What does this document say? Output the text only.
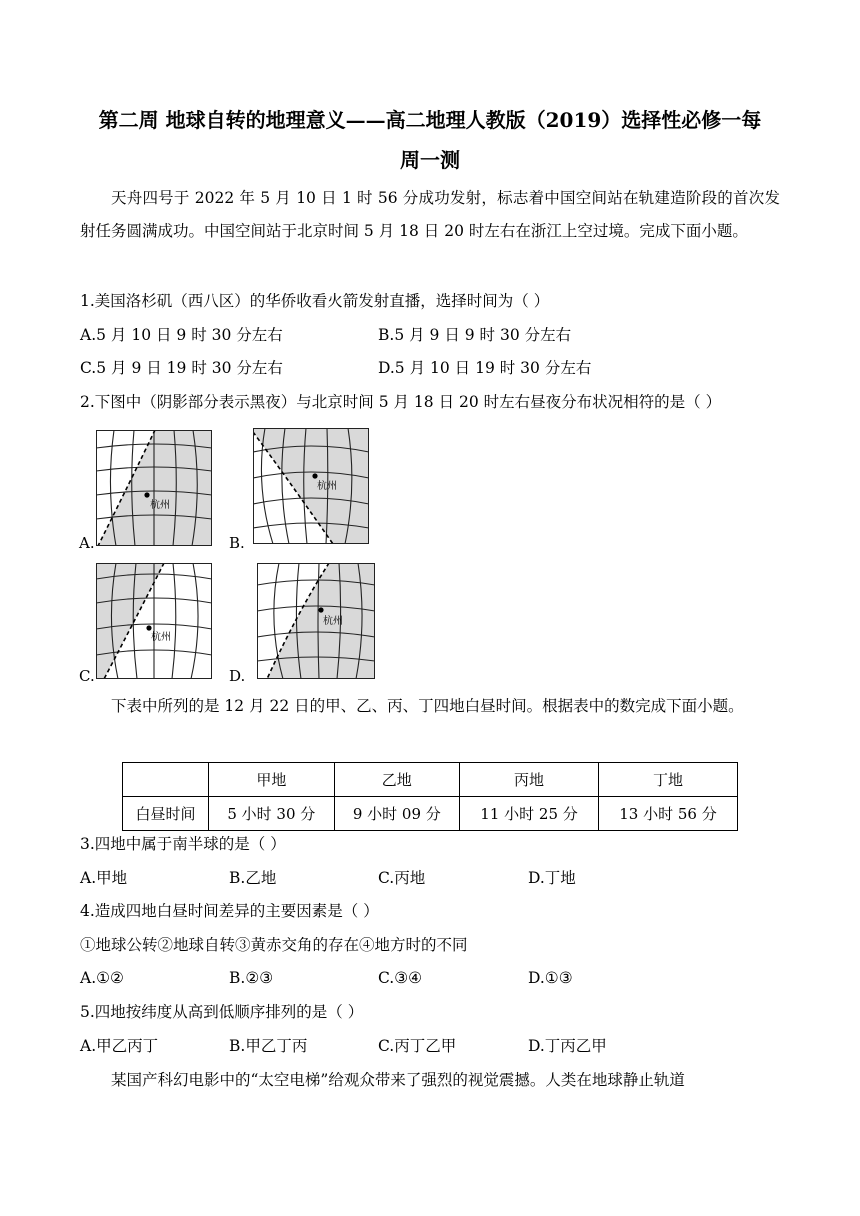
第二周 地球自转的地理意义——高二地理人教版（2019）选择性必修一每
周一测
天舟四号于 2022 年 5 月 10 日 1 时 56 分成功发射，标志着中国空间站在轨建造阶段的首次发射任务圆满成功。中国空间站于北京时间 5 月 18 日 20 时左右在浙江上空过境。完成下面小题。
1.美国洛杉矶（西八区）的华侨收看火箭发射直播，选择时间为（ ）
A.5 月 10 日 9 时 30 分左右	B.5 月 9 日 9 时 30 分左右
C.5 月 9 日 19 时 30 分左右	D.5 月 10 日 19 时 30 分左右
2.下图中（阴影部分表示黑夜）与北京时间 5 月 18 日 20 时左右昼夜分布状况相符的是（ ）
杭州
A.
杭州
B.
杭州
C.
杭州
D.
下表中所列的是 12 月 22 日的甲、乙、丙、丁四地白昼时间。根据表中的数完成下面小题。
	甲地	乙地	丙地	丁地
白昼时间	5 小时 30 分	9 小时 09 分	11 小时 25 分	13 小时 56 分
3.四地中属于南半球的是（ ）
A.甲地	B.乙地	C.丙地	D.丁地
4.造成四地白昼时间差异的主要因素是（ ）
①地球公转②地球自转③黄赤交角的存在④地方时的不同
A.①②	B.②③	C.③④	D.①③
5.四地按纬度从高到低顺序排列的是（ ）
A.甲乙丙丁	B.甲乙丁丙	C.丙丁乙甲	D.丁丙乙甲
某国产科幻电影中的“太空电梯”给观众带来了强烈的视觉震撼。人类在地球静止轨道
